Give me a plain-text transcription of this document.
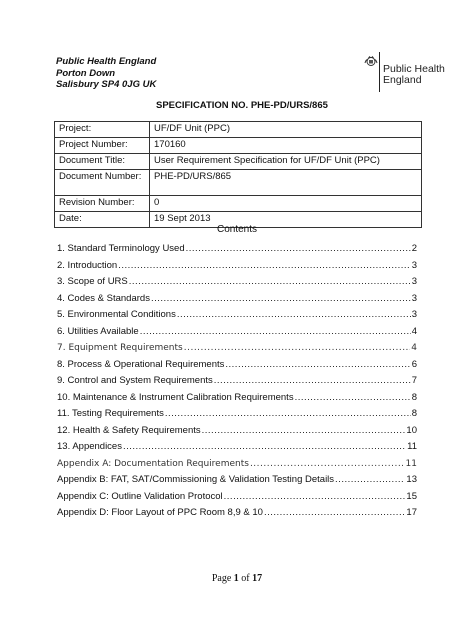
Public Health England
Porton Down
Salisbury SP4 0JG UK
Public Health
England
SPECIFICATION NO. PHE-PD/URS/865
Project:	UF/DF Unit (PPC)
Project Number:	170160
Document Title:	User Requirement Specification for UF/DF Unit (PPC)
Document Number:	PHE-PD/URS/865
Revision Number:	0
Date:	19 Sept 2013
Contents
1. Standard Terminology Used .....	2
2. Introduction .....	3
3. Scope of URS .....	3
4. Codes & Standards .....	3
5. Environmental Conditions .....	3
6. Utilities Available .....	4
7. Equipment Requirements .....	4
8. Process & Operational Requirements .....	6
9. Control and System Requirements .....	7
10. Maintenance & Instrument Calibration Requirements .....	8
11. Testing Requirements .....	8
12. Health & Safety Requirements .....	10
13. Appendices .....	11
Appendix A: Documentation Requirements .....	11
Appendix B: FAT, SAT/Commissioning & Validation Testing Details .....	13
Appendix C: Outline Validation Protocol .....	15
Appendix D: Floor Layout of PPC Room 8,9 & 10 .....	17
Page 1 of 17
